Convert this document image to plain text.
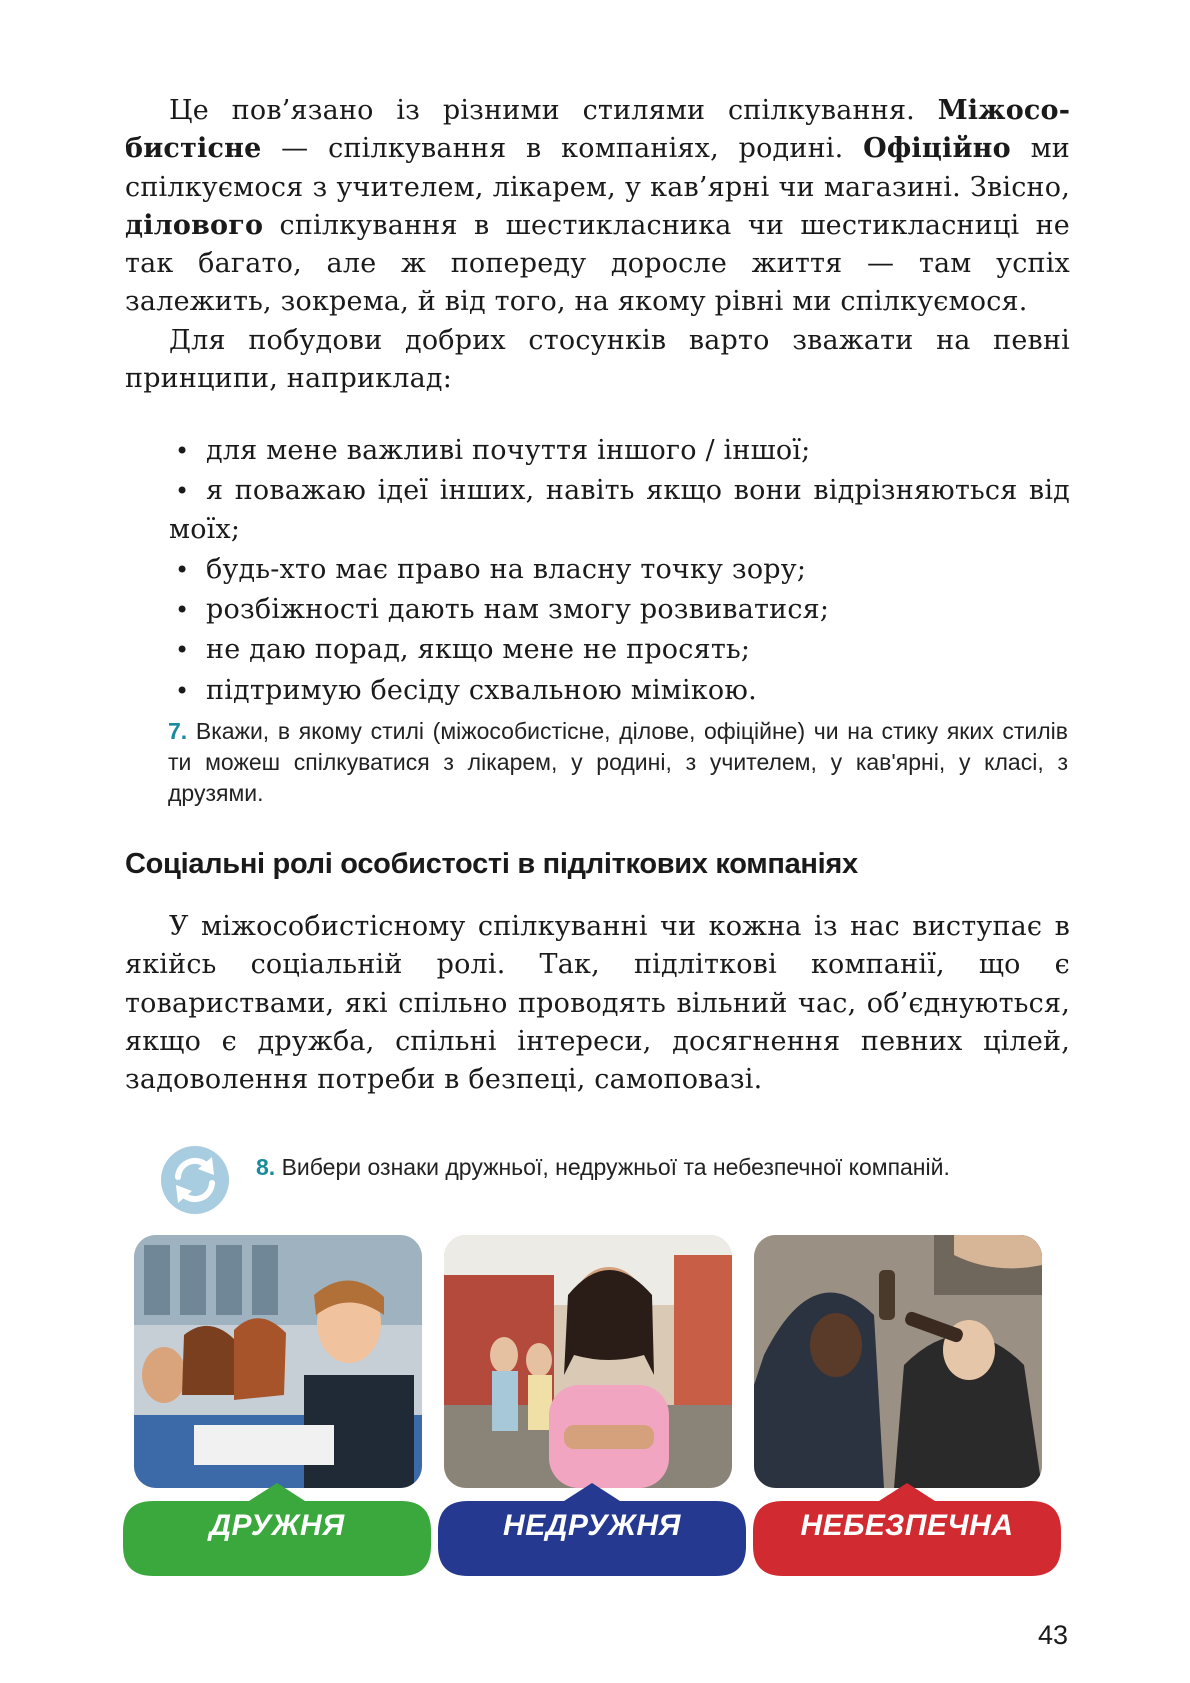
Це пов’язано із різними стилями спілкування. Міжособистісне — спілкування в компаніях, родині. Офіційно ми спілкуємося з учителем, лікарем, у кав’ярні чи магазині. Звісно, ділового спілкування в шестикласника чи шестикласниці не так багато, але ж попереду доросле життя — там успіх залежить, зокрема, й від того, на якому рівні ми спілкуємося.

Для побудови добрих стосунків варто зважати на певні принципи, наприклад:

• для мене важливі почуття іншого / іншої;
• я поважаю ідеї інших, навіть якщо вони відрізняються від моїх;
• будь-хто має право на власну точку зору;
• розбіжності дають нам змогу розвиватися;
• не даю порад, якщо мене не просять;
• підтримую бесіду схвальною мімікою.
7. Вкажи, в якому стилі (міжособистісне, ділове, офіційне) чи на стику яких стилів ти можеш спілкуватися з лікарем, у родині, з учителем, у кав'ярні, у класі, з друзями.
Соціальні ролі особистості в підліткових компаніях

У міжособистісному спілкуванні чи кожна із нас виступає в якійсь соціальній ролі. Так, підліткові компанії, що є товариствами, які спільно проводять вільний час, об’єднуються, якщо є дружба, спільні інтереси, досягнення певних цілей, задоволення потреби в безпеці, самоповазі.

8. Вибери ознаки дружньої, недружньої та небезпечної компаній.
ДРУЖНЯ	НЕДРУЖНЯ	НЕБЕЗПЕЧНА
43
